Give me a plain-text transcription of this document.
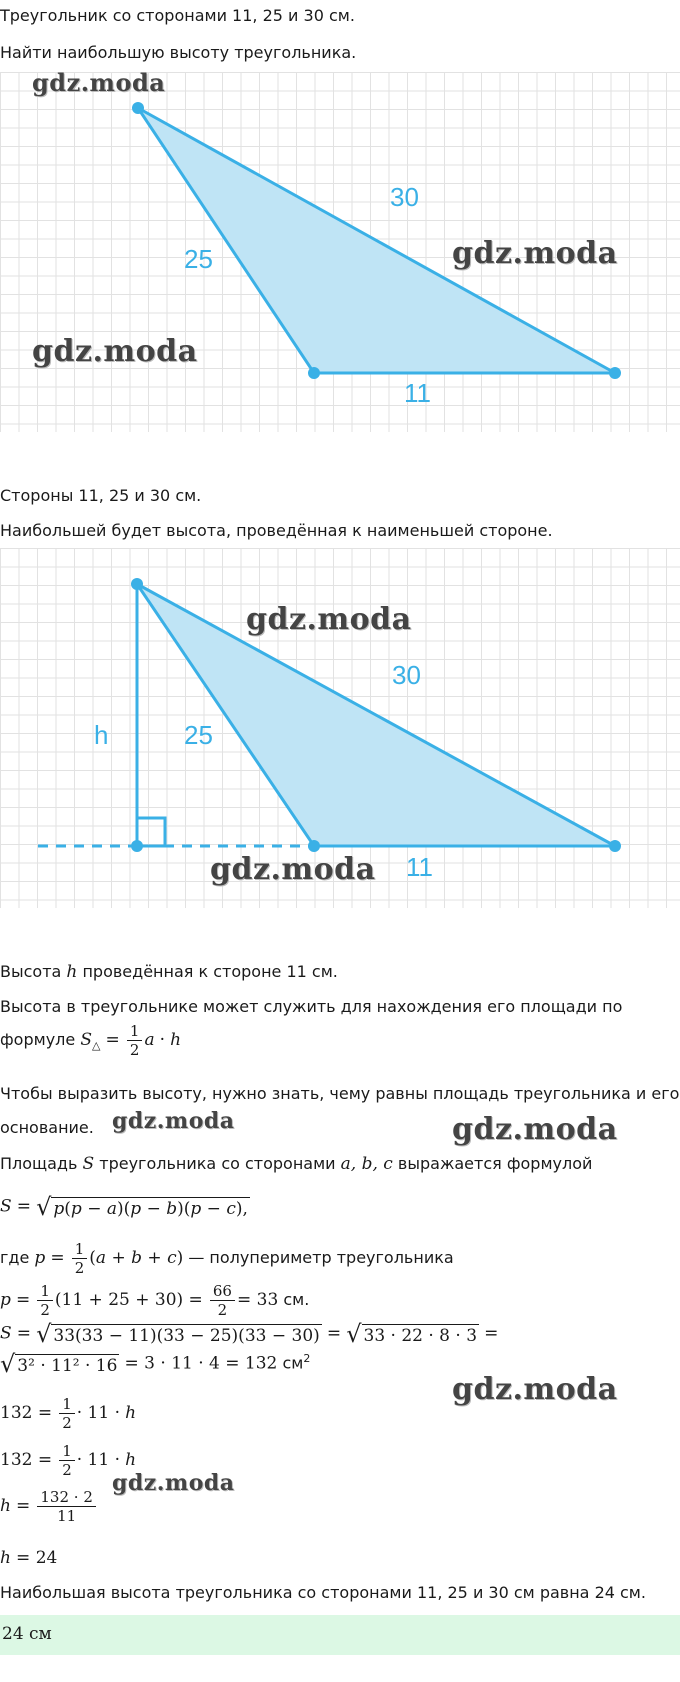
Треугольник со сторонами 11, 25 и 30 см.
Найти наибольшую высоту треугольника.
30
25
11
gdz.moda
gdz.moda
gdz.moda
Стороны 11, 25 и 30 см.
Наибольшей будет высота, проведённая к наименьшей стороне.
30
25
11
h
gdz.moda
gdz.moda
Высота h проведённая к стороне 11 см.
Высота в треугольнике может служить для нахождения его площади по
формуле $S_\triangle = \frac{1}{2}$ a · h
Чтобы выразить высоту, нужно знать, чему равны площадь треугольника и его
основание. gdz.moda	gdz.moda
Площадь S треугольника со сторонами a, b, c выражается формулой
S = √ p(p − a)(p − b)(p − c),
где $p = \frac{1}{2} (a + b + c)$ — полупериметр треугольника
$p = \frac{1}{2} (11 + 25 + 30) = \frac{66}{2} = 33$ см.
S = √ 33(33 − 11)(33 − 25)(33 − 30) = √ 33 · 22 · 8 · 3 =
√ 3² · 11² · 16 = 3 · 11 · 4 = 132 $см^2$
gdz.moda
$132 = \frac{1}{2} \cdot 11 \cdot h$
$132 = \frac{1}{2} \cdot 11 \cdot h$
gdz.moda
$h = \frac{132 \cdot 2}{11}$
h = 24
Наибольшая высота треугольника со сторонами 11, 25 и 30 см равна 24 см.
24 см
